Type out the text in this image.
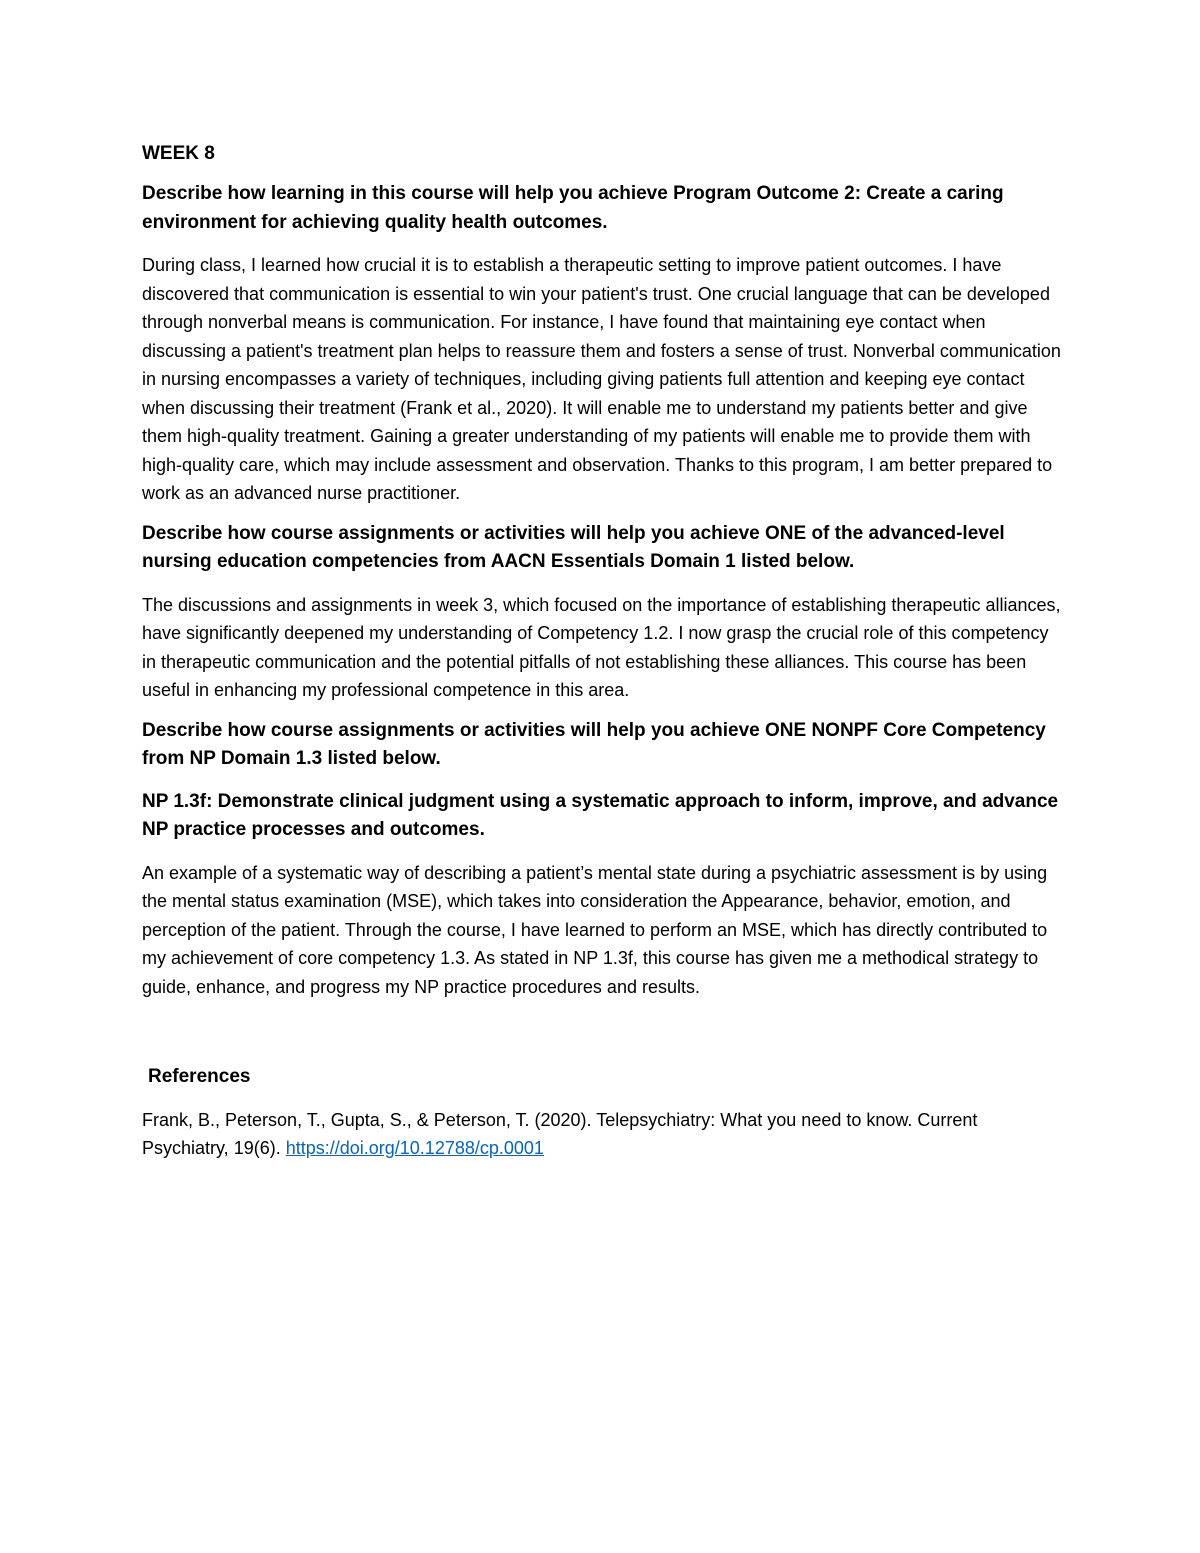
WEEK 8
Describe how learning in this course will help you achieve Program Outcome 2: Create a caring environment for achieving quality health outcomes.
During class, I learned how crucial it is to establish a therapeutic setting to improve patient outcomes. I have discovered that communication is essential to win your patient's trust. One crucial language that can be developed through nonverbal means is communication. For instance, I have found that maintaining eye contact when discussing a patient's treatment plan helps to reassure them and fosters a sense of trust. Nonverbal communication in nursing encompasses a variety of techniques, including giving patients full attention and keeping eye contact when discussing their treatment (Frank et al., 2020). It will enable me to understand my patients better and give them high-quality treatment. Gaining a greater understanding of my patients will enable me to provide them with high-quality care, which may include assessment and observation. Thanks to this program, I am better prepared to work as an advanced nurse practitioner.
Describe how course assignments or activities will help you achieve ONE of the advanced-level nursing education competencies from AACN Essentials Domain 1 listed below.
The discussions and assignments in week 3, which focused on the importance of establishing therapeutic alliances, have significantly deepened my understanding of Competency 1.2. I now grasp the crucial role of this competency in therapeutic communication and the potential pitfalls of not establishing these alliances. This course has been useful in enhancing my professional competence in this area.
Describe how course assignments or activities will help you achieve ONE NONPF Core Competency from NP Domain 1.3 listed below.
NP 1.3f: Demonstrate clinical judgment using a systematic approach to inform, improve, and advance NP practice processes and outcomes.
An example of a systematic way of describing a patient’s mental state during a psychiatric assessment is by using the mental status examination (MSE), which takes into consideration the Appearance, behavior, emotion, and perception of the patient. Through the course, I have learned to perform an MSE, which has directly contributed to my achievement of core competency 1.3. As stated in NP 1.3f, this course has given me a methodical strategy to guide, enhance, and progress my NP practice procedures and results.
References
Frank, B., Peterson, T., Gupta, S., & Peterson, T. (2020). Telepsychiatry: What you need to know. Current Psychiatry, 19(6). https://doi.org/10.12788/cp.0001
